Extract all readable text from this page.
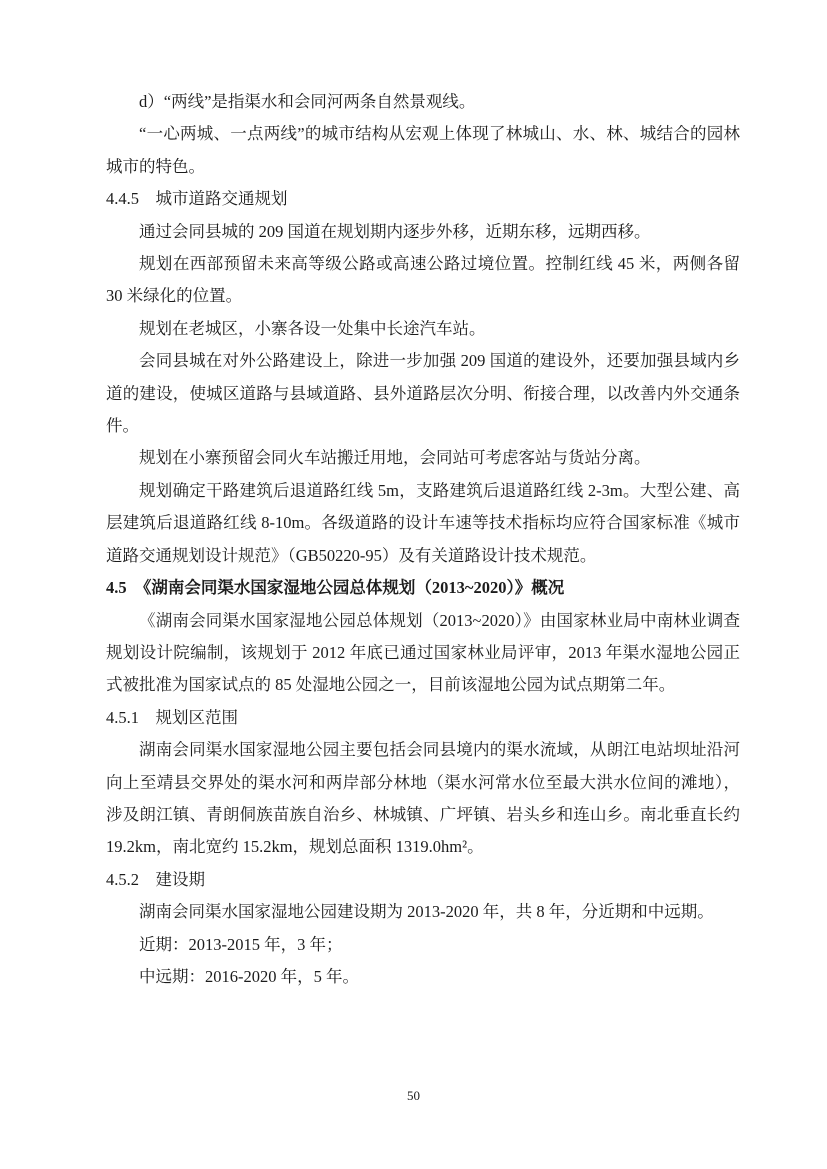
d）“两线”是指渠水和会同河两条自然景观线。

“一心两城、一点两线”的城市结构从宏观上体现了林城山、水、林、城结合的园林城市的特色。

4.4.5　城市道路交通规划

通过会同县城的 209 国道在规划期内逐步外移，近期东移，远期西移。

规划在西部预留未来高等级公路或高速公路过境位置。控制红线 45 米，两侧各留 30 米绿化的位置。

规划在老城区，小寨各设一处集中长途汽车站。

会同县城在对外公路建设上，除进一步加强 209 国道的建设外，还要加强县域内乡道的建设，使城区道路与县域道路、县外道路层次分明、衔接合理，以改善内外交通条件。

规划在小寨预留会同火车站搬迁用地，会同站可考虑客站与货站分离。

规划确定干路建筑后退道路红线 5m，支路建筑后退道路红线 2-3m。大型公建、高层建筑后退道路红线 8-10m。各级道路的设计车速等技术指标均应符合国家标准《城市道路交通规划设计规范》（GB50220-95）及有关道路设计技术规范。

4.5　《湖南会同渠水国家湿地公园总体规划（2013~2020）》概况

《湖南会同渠水国家湿地公园总体规划（2013~2020）》由国家林业局中南林业调查规划设计院编制，该规划于 2012 年底已通过国家林业局评审，2013 年渠水湿地公园正式被批准为国家试点的 85 处湿地公园之一，目前该湿地公园为试点期第二年。

4.5.1　规划区范围

湖南会同渠水国家湿地公园主要包括会同县境内的渠水流域，从朗江电站坝址沿河向上至靖县交界处的渠水河和两岸部分林地（渠水河常水位至最大洪水位间的滩地），涉及朗江镇、青朗侗族苗族自治乡、林城镇、广坪镇、岩头乡和连山乡。南北垂直长约 19.2km，南北宽约 15.2km，规划总面积 1319.0hm²。

4.5.2　建设期

湖南会同渠水国家湿地公园建设期为 2013-2020 年，共 8 年，分近期和中远期。

近期：2013-2015 年，3 年；

中远期：2016-2020 年，5 年。

50
